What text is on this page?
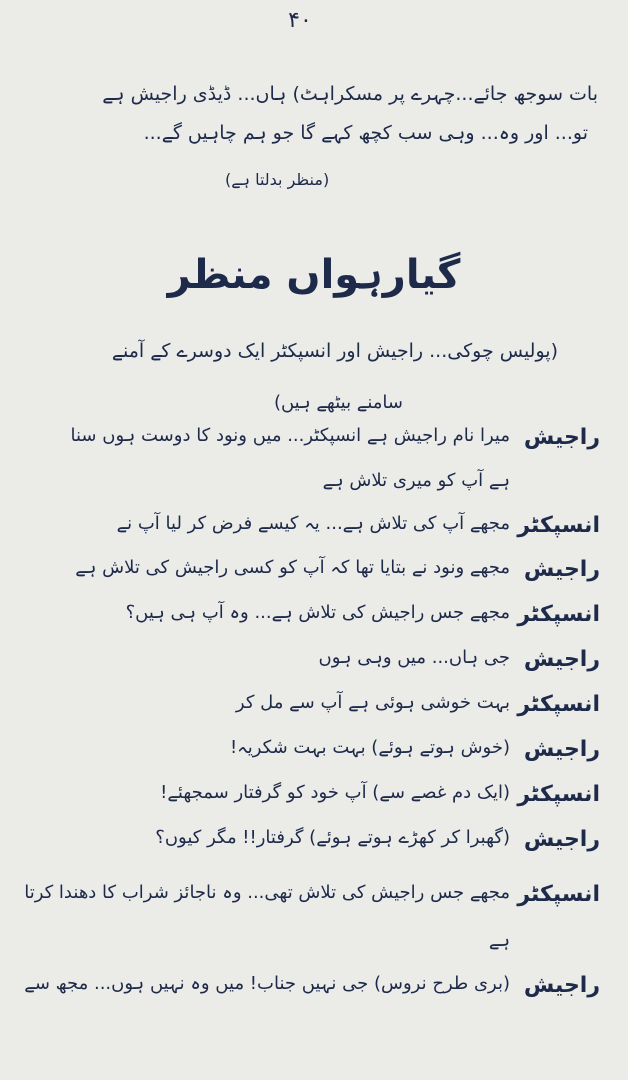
۴۰
بات سوجھ جائے...چہرے پر مسکراہٹ) ہاں... ڈیڈی راجیش ہے
تو... اور وہ... وہی سب کچھ کہے گا جو ہم چاہیں گے...
(منظر بدلتا ہے)
گیارہواں منظر
(پولیس چوکی... راجیش اور انسپکٹر ایک دوسرے کے آمنے
سامنے بیٹھے ہیں)
راجیش
میرا نام راجیش ہے انسپکٹر... میں ونود کا دوست ہوں سنا
ہے آپ کو میری تلاش ہے
انسپکٹر
مجھے آپ کی تلاش ہے... یہ کیسے فرض کر لیا آپ نے
راجیش
مجھے ونود نے بتایا تھا کہ آپ کو کسی راجیش کی تلاش ہے
انسپکٹر
مجھے جس راجیش کی تلاش ہے... وہ آپ ہی ہیں؟
راجیش
جی ہاں... میں وہی ہوں
انسپکٹر
بہت خوشی ہوئی ہے آپ سے مل کر
راجیش
(خوش ہوتے ہوئے) بہت بہت شکریہ!
انسپکٹر
(ایک دم غصے سے) آپ خود کو گرفتار سمجھئے!
راجیش
(گھبرا کر کھڑے ہوتے ہوئے) گرفتار!! مگر کیوں؟
انسپکٹر
مجھے جس راجیش کی تلاش تھی... وہ ناجائز شراب کا دھندا کرتا
ہے
راجیش
(بری طرح نروس) جی نہیں جناب! میں وہ نہیں ہوں... مجھ سے
